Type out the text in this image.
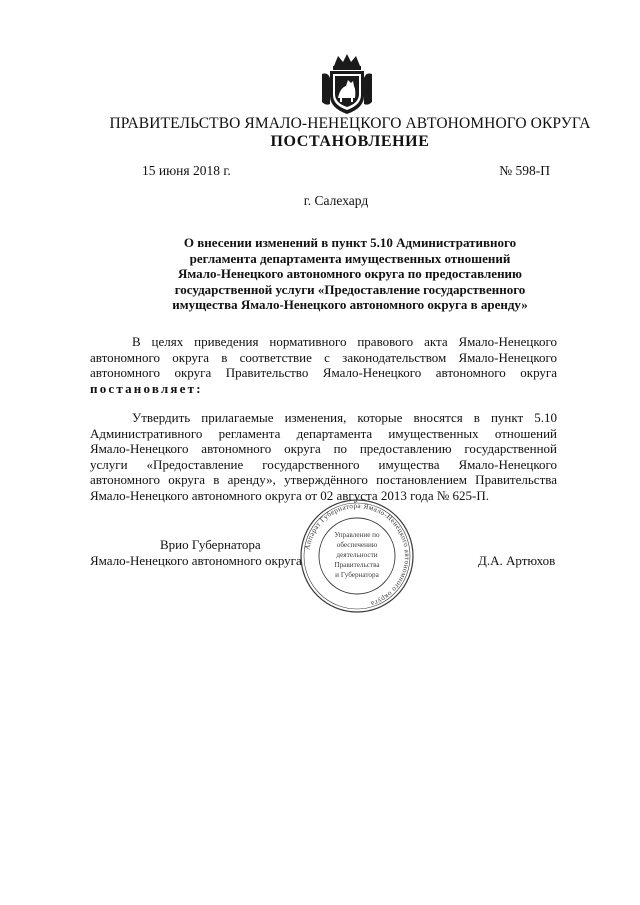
ПРАВИТЕЛЬСТВО ЯМАЛО-НЕНЕЦКОГО АВТОНОМНОГО ОКРУГА
ПОСТАНОВЛЕНИЕ
15 июня 2018 г.	№ 598-П
г. Салехард
О внесении изменений в пункт 5.10 Административного
регламента департамента имущественных отношений
Ямало-Ненецкого автономного округа по предоставлению
государственной услуги «Предоставление государственного
имущества Ямало-Ненецкого автономного округа в аренду»
В целях приведения нормативного правового акта Ямало-Ненецкого
автономного округа в соответствие с законодательством Ямало-Ненецкого
автономного округа Правительство Ямало-Ненецкого автономного округа
постановляет:
Утвердить прилагаемые изменения, которые вносятся в пункт 5.10
Административного регламента департамента имущественных отношений
Ямало-Ненецкого автономного округа по предоставлению государственной
услуги «Предоставление государственного имущества Ямало-Ненецкого
автономного округа в аренду», утверждённого постановлением Правительства
Ямало-Ненецкого автономного округа от 02 августа 2013 года № 625-П.
Врио Губернатора
Ямало-Ненецкого автономного округа	Д.А. Артюхов
Аппарат Губернатора Ямало-Ненецкого автономного округа
Управление по
обеспечению
деятельности
Правительства
и Губернатора
